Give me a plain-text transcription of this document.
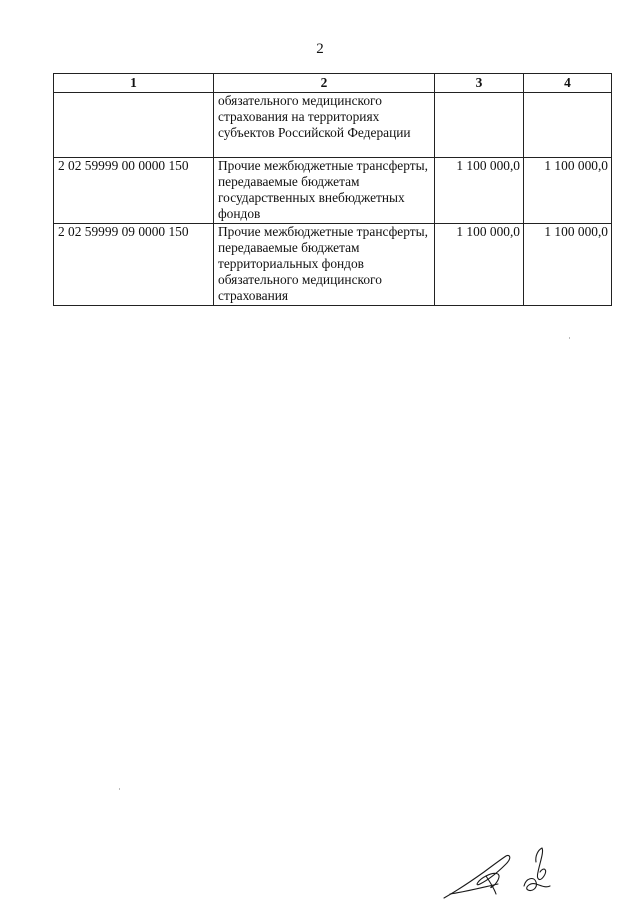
2
1	2	3	4
	обязательного медицинского страхования на территориях субъектов Российской Федерации		
2 02 59999 00 0000 150	Прочие межбюджетные трансферты, передаваемые бюджетам государственных внебюджетных фондов	1 100 000,0	1 100 000,0
2 02 59999 09 0000 150	Прочие межбюджетные трансферты, передаваемые бюджетам территориальных фондов обязательного медицинского страхования	1 100 000,0	1 100 000,0
